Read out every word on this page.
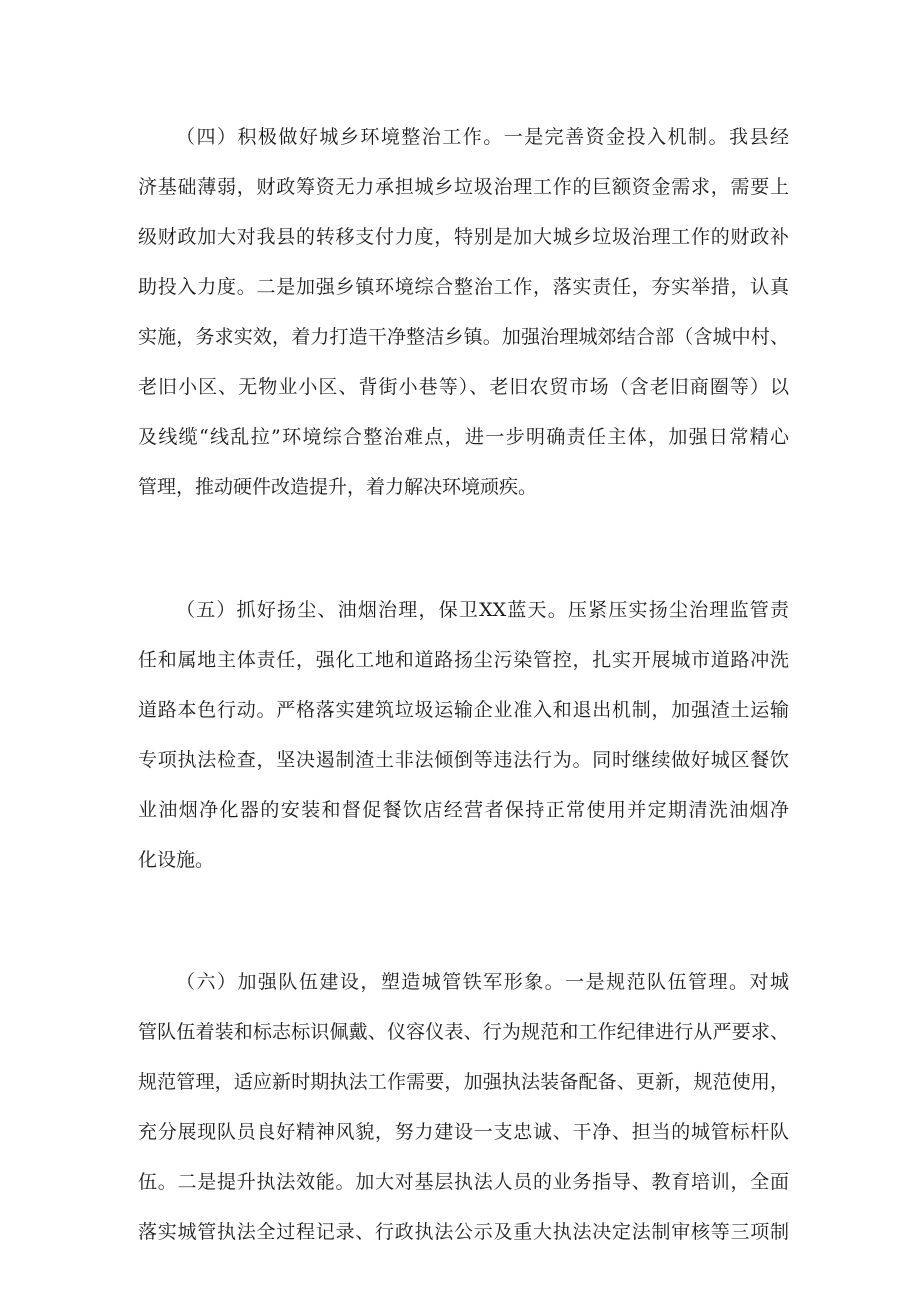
（四）积极做好城乡环境整治工作。一是完善资金投入机制。我县经

济基础薄弱，财政筹资无力承担城乡垃圾治理工作的巨额资金需求，需要上

级财政加大对我县的转移支付力度，特别是加大城乡垃圾治理工作的财政补

助投入力度。二是加强乡镇环境综合整治工作，落实责任，夯实举措，认真

实施，务求实效，着力打造干净整洁乡镇。加强治理城郊结合部（含城中村、

老旧小区、无物业小区、背街小巷等）、老旧农贸市场（含老旧商圈等）以

及线缆“线乱拉”环境综合整治难点，进一步明确责任主体，加强日常精心

管理，推动硬件改造提升，着力解决环境顽疾。

（五）抓好扬尘、油烟治理，保卫XX蓝天。压紧压实扬尘治理监管责

任和属地主体责任，强化工地和道路扬尘污染管控，扎实开展城市道路冲洗

道路本色行动。严格落实建筑垃圾运输企业准入和退出机制，加强渣土运输

专项执法检查，坚决遏制渣土非法倾倒等违法行为。同时继续做好城区餐饮

业油烟净化器的安装和督促餐饮店经营者保持正常使用并定期清洗油烟净

化设施。

（六）加强队伍建设，塑造城管铁军形象。一是规范队伍管理。对城

管队伍着装和标志标识佩戴、仪容仪表、行为规范和工作纪律进行从严要求、

规范管理，适应新时期执法工作需要，加强执法装备配备、更新，规范使用，

充分展现队员良好精神风貌，努力建设一支忠诚、干净、担当的城管标杆队

伍。二是提升执法效能。加大对基层执法人员的业务指导、教育培训，全面

落实城管执法全过程记录、行政执法公示及重大执法决定法制审核等三项制
